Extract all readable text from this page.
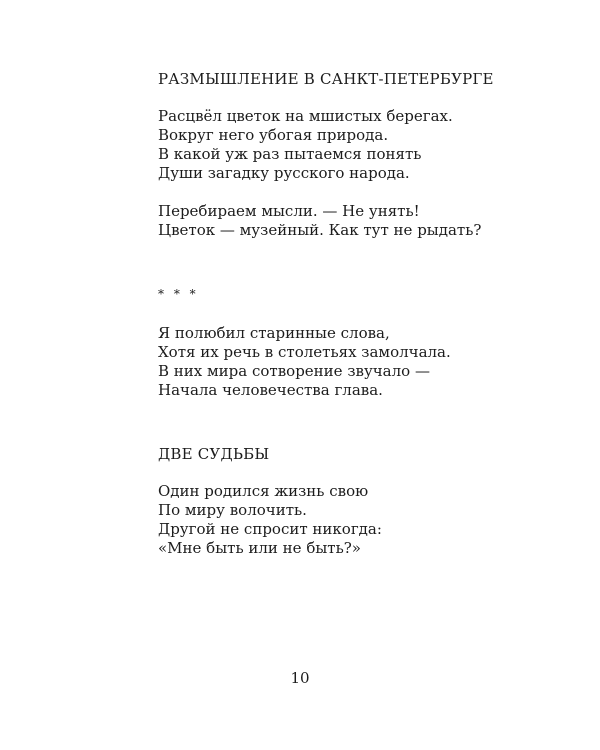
РАЗМЫШЛЕНИЕ В САНКТ-ПЕТЕРБУРГЕ
Расцвёл цветок на мшистых берегах.
Вокруг него убогая природа.
В какой уж раз пытаемся понять
Души загадку русского народа.
Перебираем мысли. — Не унять!
Цветок — музейный. Как тут не рыдать?
* * *
Я полюбил старинные слова,
Хотя их речь в столетьях замолчала.
В них мира сотворение звучало —
Начала человечества глава.
ДВЕ СУДЬБЫ
Один родился жизнь свою
По миру волочить.
Другой не спросит никогда:
«Мне быть или не быть?»
10
